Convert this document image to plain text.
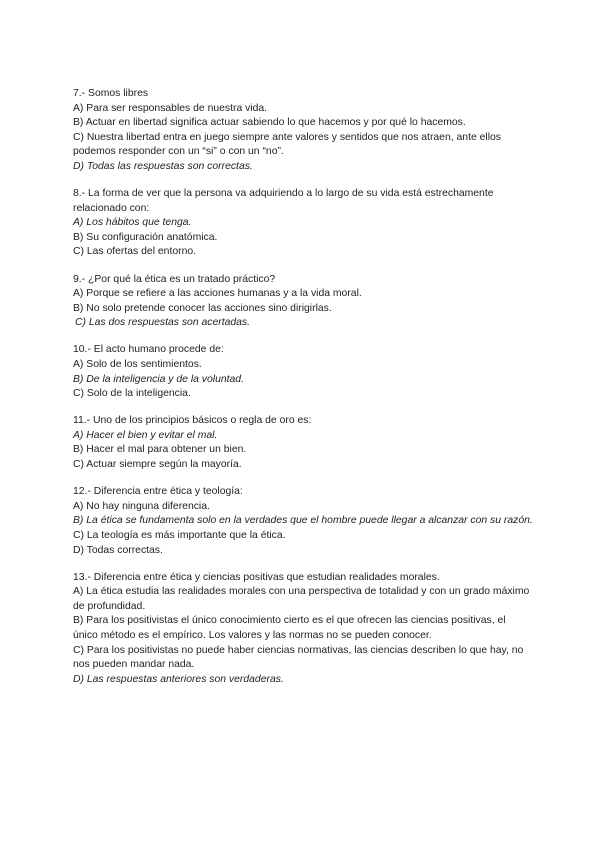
7.- Somos libres
A) Para ser responsables de nuestra vida.
B) Actuar en libertad significa actuar sabiendo lo que hacemos y por qué lo hacemos.
C) Nuestra libertad entra en juego siempre ante valores y sentidos que nos atraen, ante ellos podemos responder con un “si” o con un “no”.
D) Todas las respuestas son correctas.
8.- La forma de ver que la persona va adquiriendo a lo largo de su vida está estrechamente relacionado con:
A) Los hábitos que tenga.
B) Su configuración anatómica.
C) Las ofertas del entorno.
9.- ¿Por qué la ética es un tratado práctico?
A) Porque se refiere a las acciones humanas y a la vida moral.
B) No solo pretende conocer las acciones sino dirigirlas.
C) Las dos respuestas son acertadas.
10.- El acto humano procede de:
A) Solo de los sentimientos.
B) De la inteligencia y de la voluntad.
C) Solo de la inteligencia.
11.- Uno de los principios básicos o regla de oro es:
A) Hacer el bien y evitar el mal.
B) Hacer el mal para obtener un bien.
C) Actuar siempre según la mayoría.
12.- Diferencia entre ética y teología:
A) No hay ninguna diferencia.
B) La ética se fundamenta solo en la verdades que el hombre puede llegar a alcanzar con su razón.
C) La teología es más importante que la ética.
D) Todas correctas.
13.- Diferencia entre ética y ciencias positivas que estudian realidades morales.
A) La ética estudia las realidades morales con una perspectiva de totalidad y con un grado máximo de profundidad.
B) Para los positivistas el único conocimiento cierto es el que ofrecen las ciencias positivas, el único método es el empírico. Los valores y las normas no se pueden conocer.
C) Para los positivistas no puede haber ciencias normativas, las ciencias describen lo que hay, no nos pueden mandar nada.
D) Las respuestas anteriores son verdaderas.
